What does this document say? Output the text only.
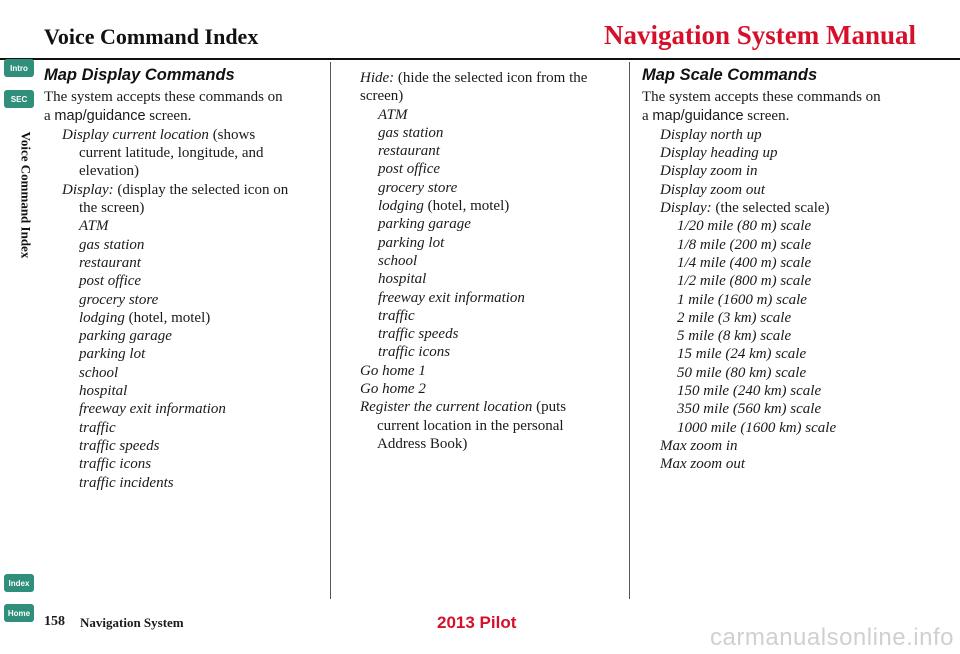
Voice Command Index	Navigation System Manual
Intro
SEC
Index
Home
Voice Command Index
Map Display Commands

The system accepts these commands on
a map/guidance screen.

Display current location (shows
current latitude, longitude, and
elevation)

Display: (display the selected icon on
the screen)

ATM

gas station

restaurant

post office

grocery store

lodging (hotel, motel)

parking garage

parking lot

school

hospital

freeway exit information

traffic

traffic speeds

traffic icons

traffic incidents

Hide: (hide the selected icon from the
screen)

ATM

gas station

restaurant

post office

grocery store

lodging (hotel, motel)

parking garage

parking lot

school

hospital

freeway exit information

traffic

traffic speeds

traffic icons

Go home 1

Go home 2

Register the current location (puts
current location in the personal
Address Book)

Map Scale Commands

The system accepts these commands on
a map/guidance screen.

Display north up

Display heading up

Display zoom in

Display zoom out

Display: (the selected scale)

1/20 mile (80 m) scale

1/8 mile (200 m) scale

1/4 mile (400 m) scale

1/2 mile (800 m) scale

1 mile (1600 m) scale

2 mile (3 km) scale

5 mile (8 km) scale

15 mile (24 km) scale

50 mile (80 km) scale

150 mile (240 km) scale

350 mile (560 km) scale

1000 mile (1600 km) scale

Max zoom in

Max zoom out

158 Navigation System	2013 Pilot
carmanualsonline.info
